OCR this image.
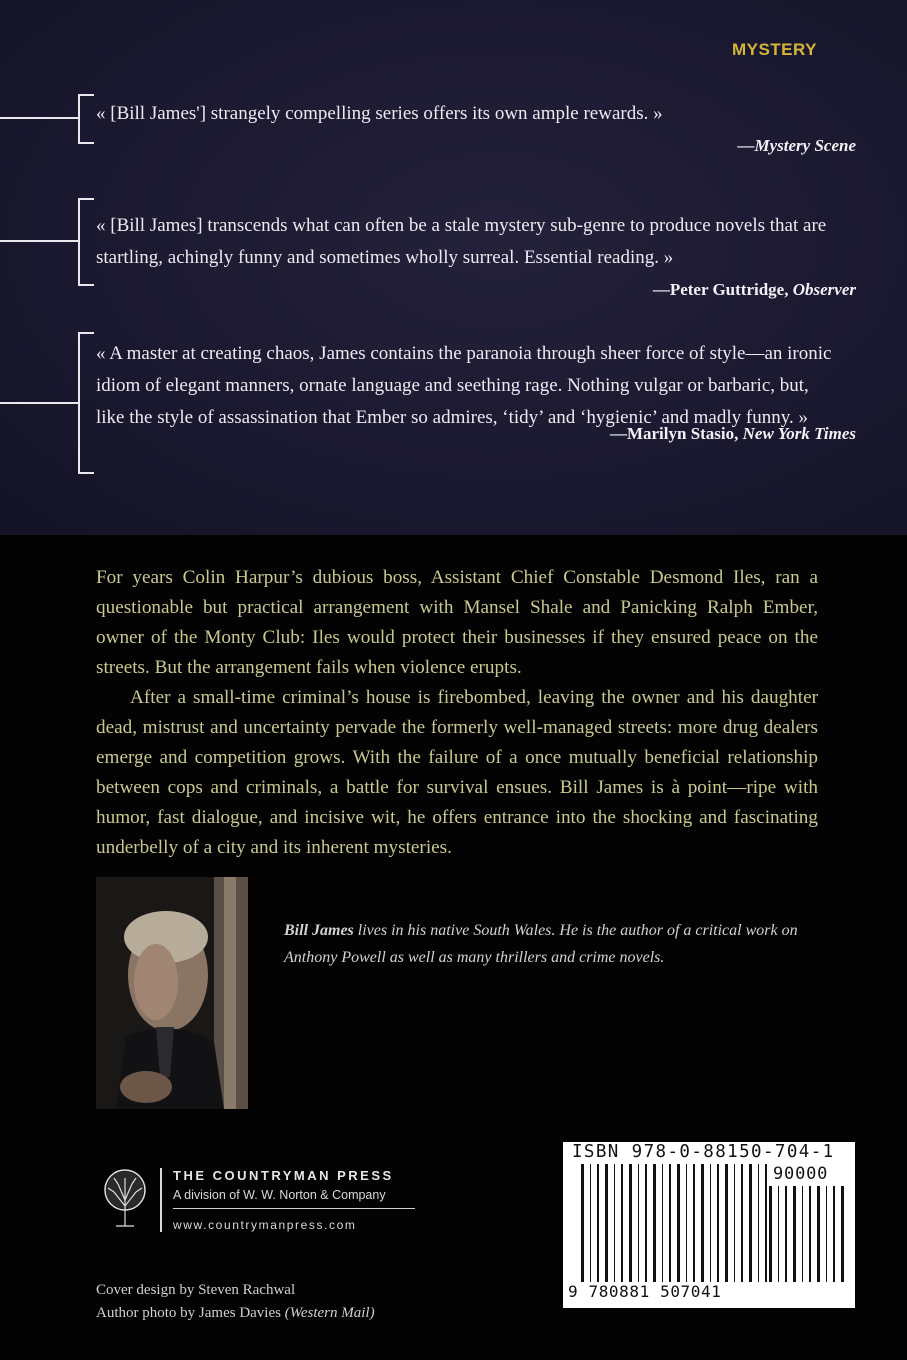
MYSTERY
« [Bill James'] strangely compelling series offers its own ample rewards. »
—Mystery Scene
« [Bill James] transcends what can often be a stale mystery sub-genre to produce novels that are startling, achingly funny and sometimes wholly surreal. Essential reading. »
—Peter Guttridge, Observer
« A master at creating chaos, James contains the paranoia through sheer force of style—an ironic idiom of elegant manners, ornate language and seething rage. Nothing vulgar or barbaric, but, like the style of assassination that Ember so admires, ‘tidy’ and ‘hygienic’ and madly funny. »
—Marilyn Stasio, New York Times

For years Colin Harpur’s dubious boss, Assistant Chief Constable Desmond Iles, ran a questionable but practical arrangement with Mansel Shale and Panicking Ralph Ember, owner of the Monty Club: Iles would protect their businesses if they ensured peace on the streets. But the arrangement fails when violence erupts.

After a small-time criminal’s house is firebombed, leaving the owner and his daughter dead, mistrust and uncertainty pervade the formerly well-managed streets: more drug dealers emerge and competition grows. With the failure of a once mutually beneficial relationship between cops and criminals, a battle for survival ensues. Bill James is à point—ripe with humor, fast dialogue, and incisive wit, he offers entrance into the shocking and fascinating underbelly of a city and its inherent mysteries.

Bill James lives in his native South Wales. He is the author of a critical work on Anthony Powell as well as many thrillers and crime novels.
THE COUNTRYMAN PRESS
A division of W. W. Norton & Company
www.countrymanpress.com
Cover design by Steven Rachwal
Author photo by James Davies (Western Mail)
ISBN 978-0-88150-704-1
90000
9 780881 507041
